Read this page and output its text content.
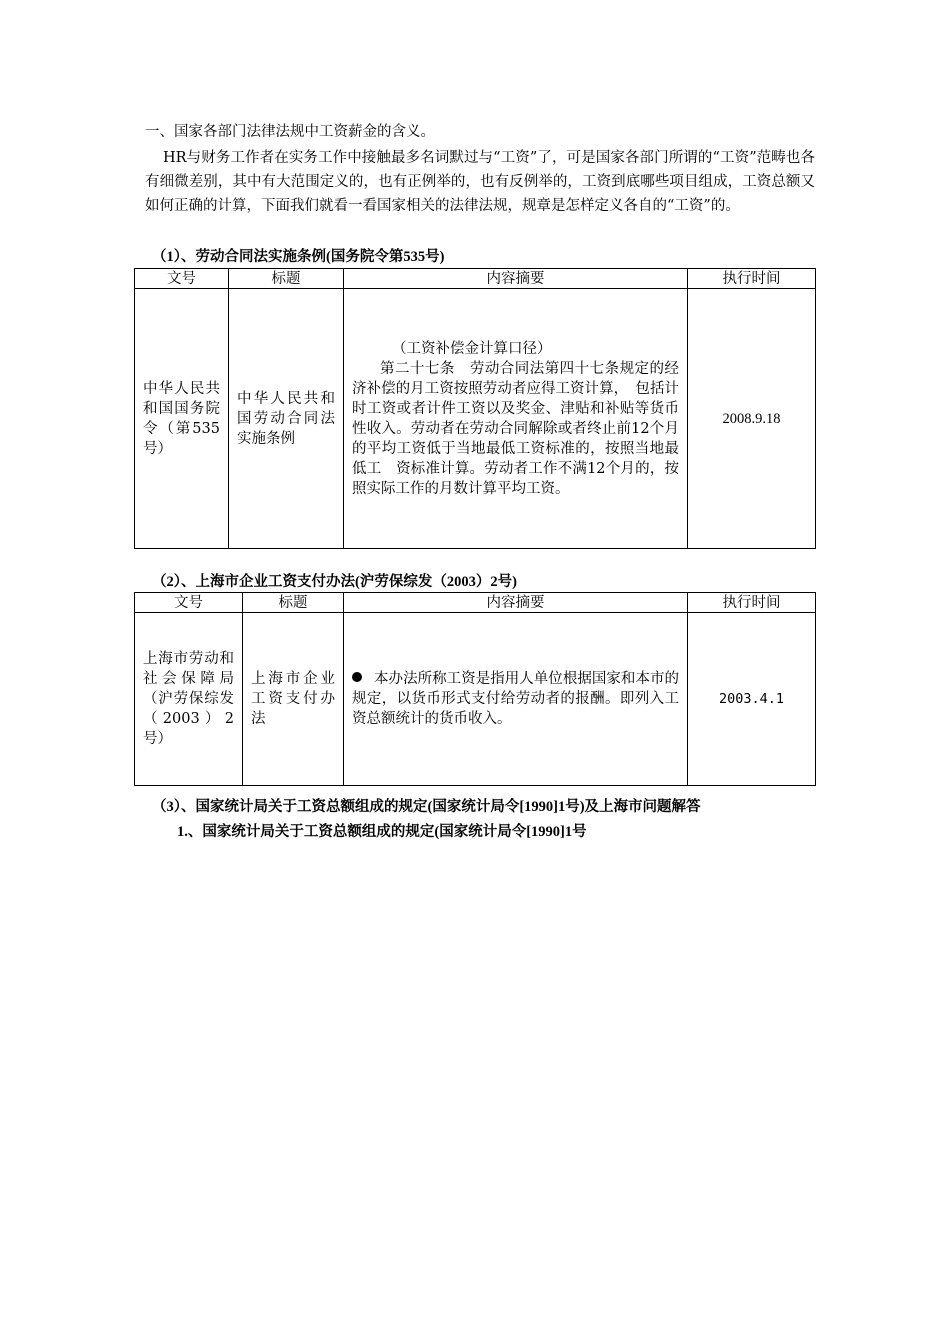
一、国家各部门法律法规中工资薪金的含义。

HR与财务工作者在实务工作中接触最多名词默过与“工资”了，可是国家各部门所谓的“工资”范畴也各有细微差别，其中有大范围定义的，也有正例举的，也有反例举的，工资到底哪些项目组成，工资总额又如何正确的计算，下面我们就看一看国家相关的法律法规，规章是怎样定义各自的“工资”的。

（1）、劳动合同法实施条例(国务院令第535号)

文号	标题	内容摘要	执行时间
中华人民共和国国务院令（第535号）	中华人民共和国劳动合同法实施条例	（工资补偿金计算口径）
第二十七条　劳动合同法第四十七条规定的经济补偿的月工资按照劳动者应得工资计算，　包括计时工资或者计件工资以及奖金、津贴和补贴等货币性收入。劳动者在劳动合同解除或者终止前12个月的平均工资低于当地最低工资标准的，按照当地最低工　资标准计算。劳动者工作不满12个月的，按照实际工作的月数计算平均工资。	2008.9.18

（2）、上海市企业工资支付办法(沪劳保综发（2003）2号)

文号	标题	内容摘要	执行时间
上海市劳动和社会保障局（沪劳保综发（2003）2号）	上海市企业工资支付办法	本办法所称工资是指用人单位根据国家和本市的规定，以货币形式支付给劳动者的报酬。即列入工资总额统计的货币收入。	2003.4.1

（3）、国家统计局关于工资总额组成的规定(国家统计局令[1990]1号)及上海市问题解答

1.、国家统计局关于工资总额组成的规定(国家统计局令[1990]1号
